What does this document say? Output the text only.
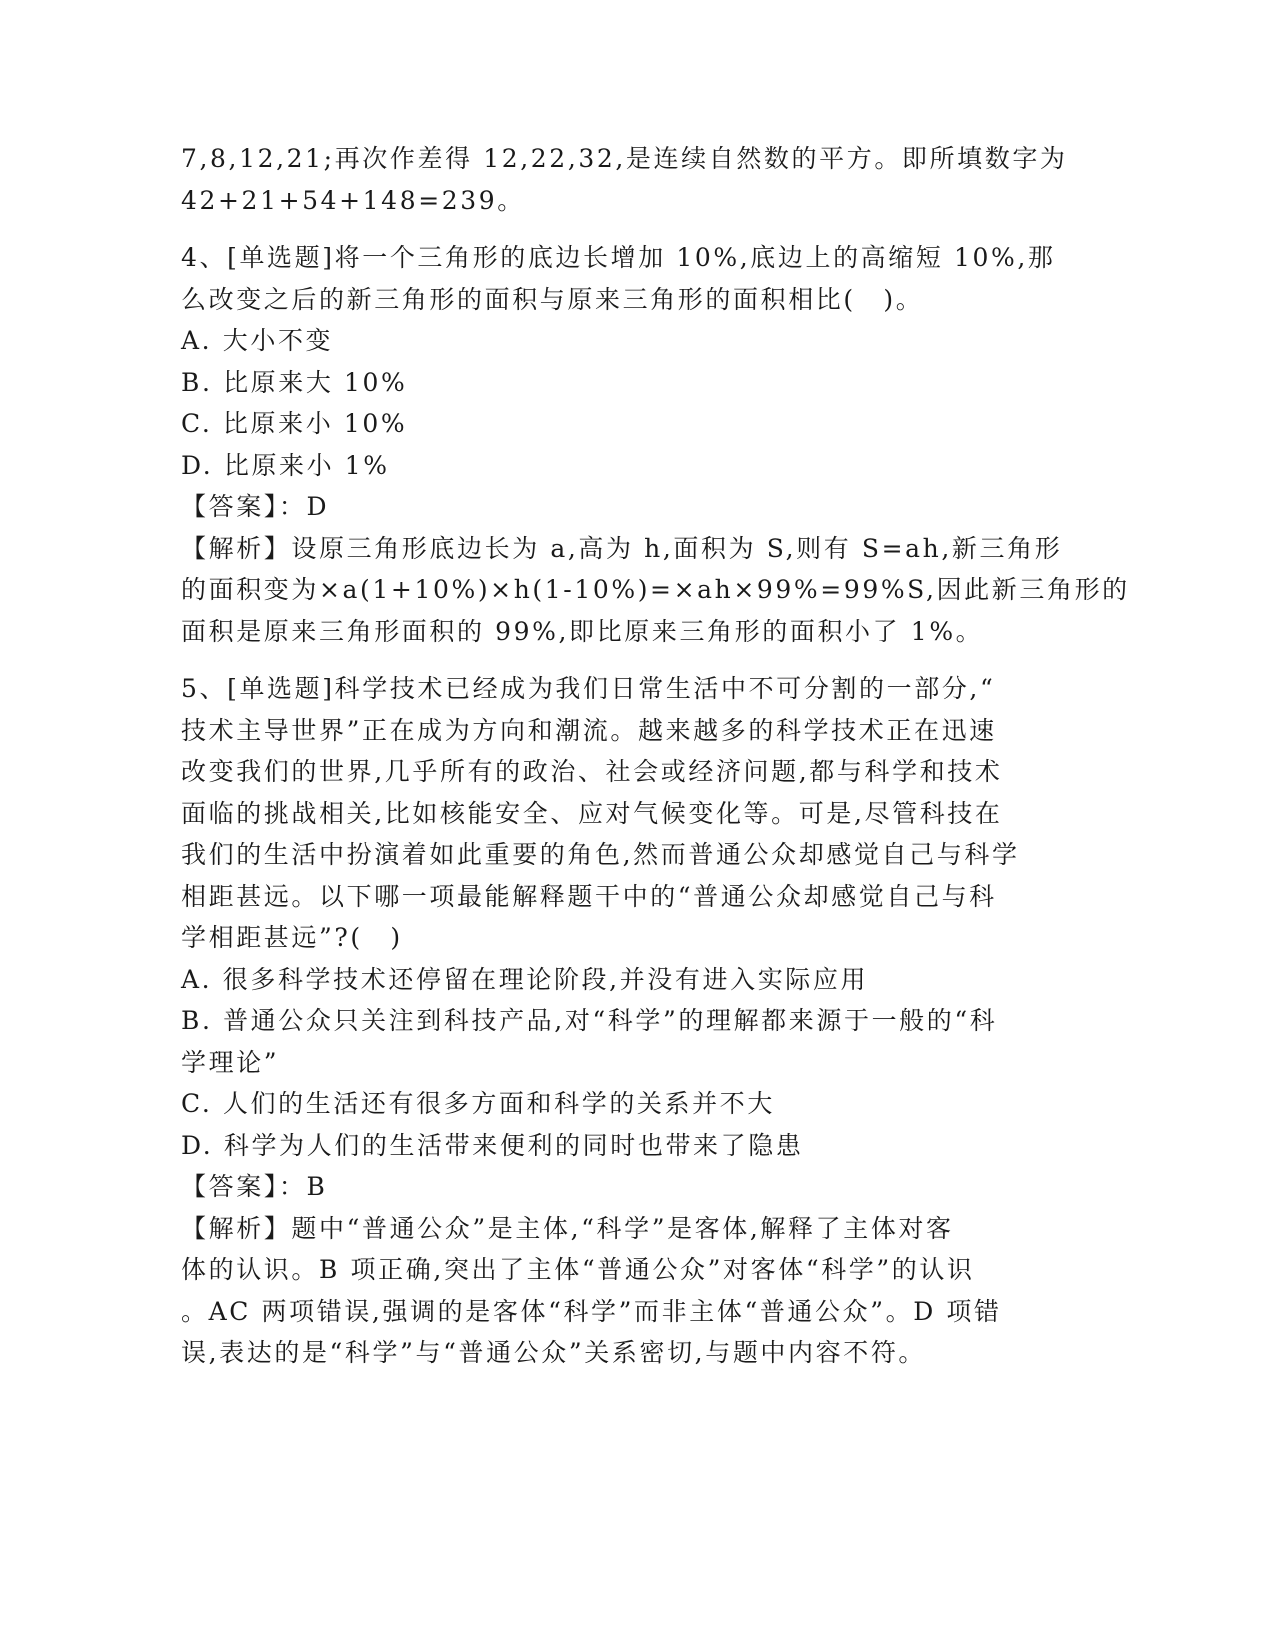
7,8,12,21;再次作差得 12,22,32,是连续自然数的平方。即所填数字为
42+21+54+148=239。
4、[单选题]将一个三角形的底边长增加 10%,底边上的高缩短 10%,那
么改变之后的新三角形的面积与原来三角形的面积相比(　)。
A. 大小不变
B. 比原来大 10%
C. 比原来小 10%
D. 比原来小 1%
【答案】：D
【解析】设原三角形底边长为 a,高为 h,面积为 S,则有 S=ah,新三角形
的面积变为×a(1+10%)×h(1-10%)=×ah×99%=99%S,因此新三角形的
面积是原来三角形面积的 99%,即比原来三角形的面积小了 1%。
5、[单选题]科学技术已经成为我们日常生活中不可分割的一部分,“
技术主导世界”正在成为方向和潮流。越来越多的科学技术正在迅速
改变我们的世界,几乎所有的政治、社会或经济问题,都与科学和技术
面临的挑战相关,比如核能安全、应对气候变化等。可是,尽管科技在
我们的生活中扮演着如此重要的角色,然而普通公众却感觉自己与科学
相距甚远。以下哪一项最能解释题干中的“普通公众却感觉自己与科
学相距甚远”?(　)
A. 很多科学技术还停留在理论阶段,并没有进入实际应用
B. 普通公众只关注到科技产品,对“科学”的理解都来源于一般的“科
学理论”
C. 人们的生活还有很多方面和科学的关系并不大
D. 科学为人们的生活带来便利的同时也带来了隐患
【答案】：B
【解析】题中“普通公众”是主体,“科学”是客体,解释了主体对客
体的认识。B 项正确,突出了主体“普通公众”对客体“科学”的认识
。AC 两项错误,强调的是客体“科学”而非主体“普通公众”。D 项错
误,表达的是“科学”与“普通公众”关系密切,与题中内容不符。
